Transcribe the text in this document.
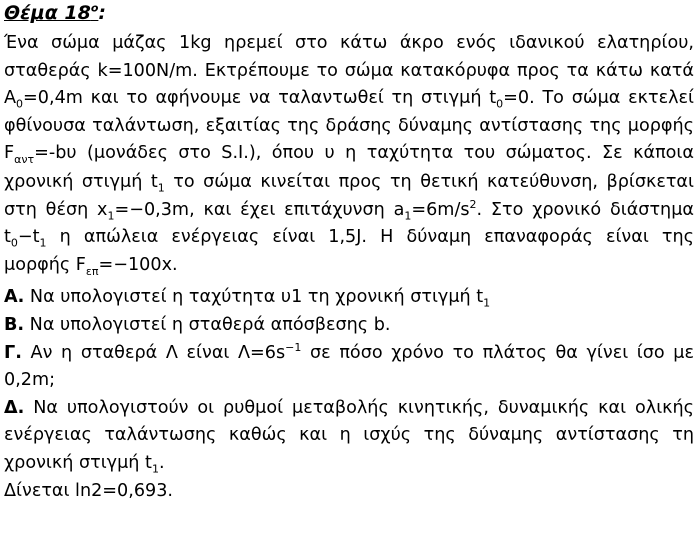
Θέμα $18^o$:
Ένα σώμα μάζας 1kg ηρεμεί στο κάτω άκρο ενός ιδανικού ελατηρίου,
σταθεράς k=100N/m. Εκτρέπουμε το σώμα κατακόρυφα προς τα κάτω κατά
$A_0=0,4m$ και το αφήνουμε να ταλαντωθεί τη στιγμή $t_0=0$. Το σώμα εκτελεί
φθίνουσα ταλάντωση, εξαιτίας της δράσης δύναμης αντίστασης της μορφής
$F_{\alpha\nu\tau}=-b\upsilon$ (μονάδες στο S.I.), όπου υ η ταχύτητα του σώματος. Σε κάποια
χρονική στιγμή $t_1$ το σώμα κινείται προς τη θετική κατεύθυνση, βρίσκεται
στη θέση $x_1=-0,3m$, και έχει επιτάχυνση $a_1=6m/s^2$. Στο χρονικό διάστημα
$t_0-t_1$ η απώλεια ενέργειας είναι 1,5J. Η δύναμη επαναφοράς είναι της
μορφής $F_{\varepsilon\pi}=-100x$.
Α. Να υπολογιστεί η ταχύτητα υ1 τη χρονική στιγμή $t_1$
Β. Να υπολογιστεί η σταθερά απόσβεσης b.
Γ. Αν η σταθερά Λ είναι $\Lambda=6s^{-1}$ σε πόσο χρόνο το πλάτος θα γίνει ίσο με
0,2m;
Δ. Να υπολογιστούν οι ρυθμοί μεταβολής κινητικής, δυναμικής και ολικής
ενέργειας ταλάντωσης καθώς και η ισχύς της δύναμης αντίστασης τη
χρονική στιγμή $t_1$.
Δίνεται ln2=0,693.
